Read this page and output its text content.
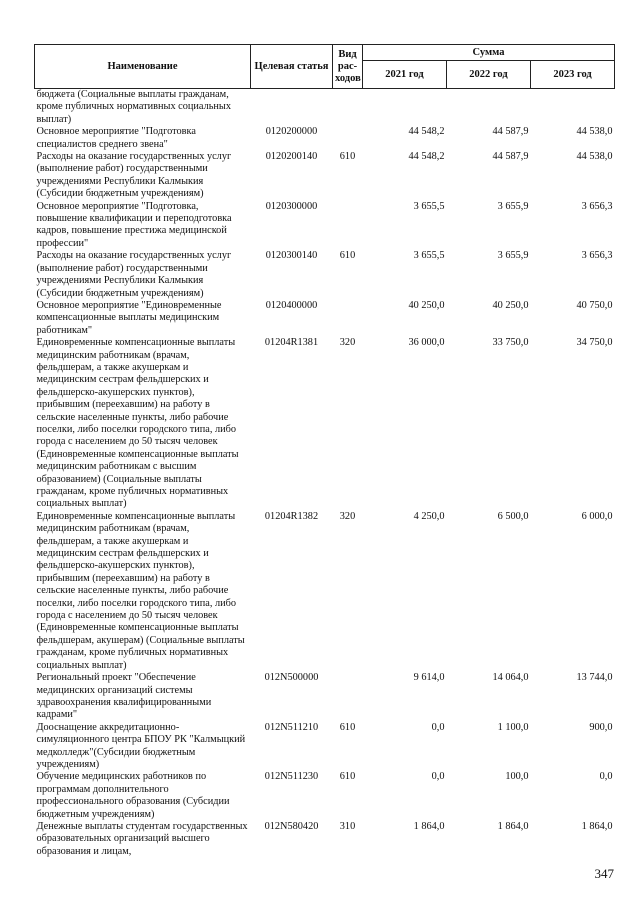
Наименование	Целевая статья	Вид рас-ходов	Сумма		
			2021 год	2022 год	2023 год
бюджета (Социальные выплаты гражданам, кроме публичных нормативных социальных выплат)					
Основное мероприятие "Подготовка специалистов среднего звена"	0120200000		44 548,2	44 587,9	44 538,0
Расходы на оказание государственных услуг (выполнение работ) государственными учреждениями Республики Калмыкия (Субсидии бюджетным учреждениям)	0120200140	610	44 548,2	44 587,9	44 538,0
Основное мероприятие "Подготовка, повышение квалификации и переподготовка кадров, повышение престижа медицинской профессии"	0120300000		3 655,5	3 655,9	3 656,3
Расходы на оказание государственных услуг (выполнение работ) государственными учреждениями Республики Калмыкия (Субсидии бюджетным учреждениям)	0120300140	610	3 655,5	3 655,9	3 656,3
Основное мероприятие "Единовременные компенсационные выплаты медицинским работникам"	0120400000		40 250,0	40 250,0	40 750,0
Единовременные компенсационные выплаты медицинским работникам (врачам, фельдшерам, а также акушеркам и медицинским сестрам фельдшерских и фельдшерско-акушерских пунктов), прибывшим (переехавшим) на работу в сельские населенные пункты, либо рабочие поселки, либо поселки городского типа, либо города с населением до 50 тысяч человек (Единовременные компенсационные выплаты медицинским работникам с высшим образованием) (Социальные выплаты гражданам, кроме публичных нормативных социальных выплат)	01204R1381	320	36 000,0	33 750,0	34 750,0
Единовременные компенсационные выплаты медицинским работникам (врачам, фельдшерам, а также акушеркам и медицинским сестрам фельдшерских и фельдшерско-акушерских пунктов), прибывшим (переехавшим) на работу в сельские населенные пункты, либо рабочие поселки, либо поселки городского типа, либо города с населением до 50 тысяч человек (Единовременные компенсационные выплаты фельдшерам, акушерам) (Социальные выплаты гражданам, кроме публичных нормативных социальных выплат)	01204R1382	320	4 250,0	6 500,0	6 000,0
Региональный проект "Обеспечение медицинских организаций системы здравоохранения квалифицированными кадрами"	012N500000		9 614,0	14 064,0	13 744,0
Дооснащение аккредитационно-симуляционного центра БПОУ РК "Калмыцкий медколледж"(Субсидии бюджетным учреждениям)	012N511210	610	0,0	1 100,0	900,0
Обучение медицинских работников по программам дополнительного профессионального образования (Субсидии бюджетным учреждениям)	012N511230	610	0,0	100,0	0,0
Денежные выплаты студентам государственных образовательных организаций высшего образования и лицам,	012N580420	310	1 864,0	1 864,0	1 864,0
347
